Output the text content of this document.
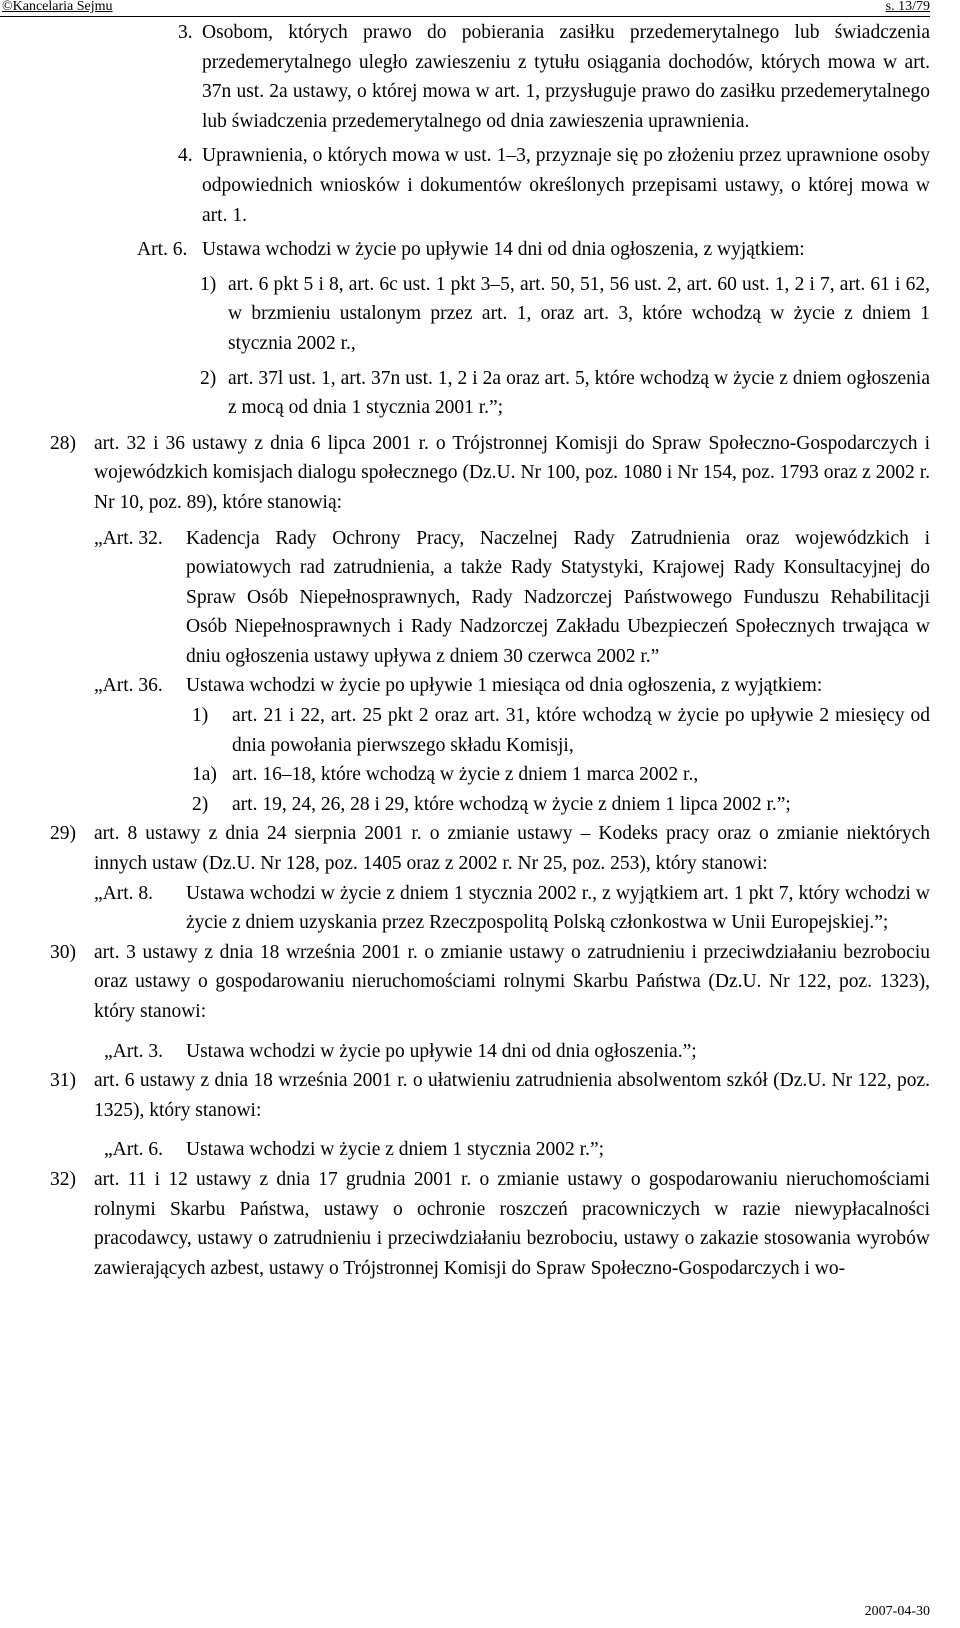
©Kancelaria Sejmu	s. 13/79
3. Osobom, których prawo do pobierania zasiłku przedemerytalnego lub świadczenia przedemerytalnego uległo zawieszeniu z tytułu osiągania dochodów, których mowa w art. 37n ust. 2a ustawy, o której mowa w art. 1, przysługuje prawo do zasiłku przedemerytalnego lub świadczenia przedemerytalnego od dnia zawieszenia uprawnienia.
4. Uprawnienia, o których mowa w ust. 1–3, przyznaje się po złożeniu przez uprawnione osoby odpowiednich wniosków i dokumentów określonych przepisami ustawy, o której mowa w art. 1.
Art. 6. Ustawa wchodzi w życie po upływie 14 dni od dnia ogłoszenia, z wyjątkiem:
1) art. 6 pkt 5 i 8, art. 6c ust. 1 pkt 3–5, art. 50, 51, 56 ust. 2, art. 60 ust. 1, 2 i 7, art. 61 i 62, w brzmieniu ustalonym przez art. 1, oraz art. 3, które wchodzą w życie z dniem 1 stycznia 2002 r.,
2) art. 37l ust. 1, art. 37n ust. 1, 2 i 2a oraz art. 5, które wchodzą w życie z dniem ogłoszenia z mocą od dnia 1 stycznia 2001 r.”;
28) art. 32 i 36 ustawy z dnia 6 lipca 2001 r. o Trójstronnej Komisji do Spraw Społeczno-Gospodarczych i wojewódzkich komisjach dialogu społecznego (Dz.U. Nr 100, poz. 1080 i Nr 154, poz. 1793 oraz z 2002 r. Nr 10, poz. 89), które stanowią:
„Art. 32. Kadencja Rady Ochrony Pracy, Naczelnej Rady Zatrudnienia oraz wojewódzkich i powiatowych rad zatrudnienia, a także Rady Statystyki, Krajowej Rady Konsultacyjnej do Spraw Osób Niepełnosprawnych, Rady Nadzorczej Państwowego Funduszu Rehabilitacji Osób Niepełnosprawnych i Rady Nadzorczej Zakładu Ubezpieczeń Społecznych trwająca w dniu ogłoszenia ustawy upływa z dniem 30 czerwca 2002 r.”
„Art. 36. Ustawa wchodzi w życie po upływie 1 miesiąca od dnia ogłoszenia, z wyjątkiem:
1) art. 21 i 22, art. 25 pkt 2 oraz art. 31, które wchodzą w życie po upływie 2 miesięcy od dnia powołania pierwszego składu Komisji,
1a) art. 16–18, które wchodzą w życie z dniem 1 marca 2002 r.,
2) art. 19, 24, 26, 28 i 29, które wchodzą w życie z dniem 1 lipca 2002 r.”;
29) art. 8 ustawy z dnia 24 sierpnia 2001 r. o zmianie ustawy – Kodeks pracy oraz o zmianie niektórych innych ustaw (Dz.U. Nr 128, poz. 1405 oraz z 2002 r. Nr 25, poz. 253), który stanowi:
„Art. 8. Ustawa wchodzi w życie z dniem 1 stycznia 2002 r., z wyjątkiem art. 1 pkt 7, który wchodzi w życie z dniem uzyskania przez Rzeczpospolitą Polską członkostwa w Unii Europejskiej.”;
30) art. 3 ustawy z dnia 18 września 2001 r. o zmianie ustawy o zatrudnieniu i przeciwdziałaniu bezrobociu oraz ustawy o gospodarowaniu nieruchomościami rolnymi Skarbu Państwa (Dz.U. Nr 122, poz. 1323), który stanowi:
„Art. 3. Ustawa wchodzi w życie po upływie 14 dni od dnia ogłoszenia.”;
31) art. 6 ustawy z dnia 18 września 2001 r. o ułatwieniu zatrudnienia absolwentom szkół (Dz.U. Nr 122, poz. 1325), który stanowi:
„Art. 6. Ustawa wchodzi w życie z dniem 1 stycznia 2002 r.”;
32) art. 11 i 12 ustawy z dnia 17 grudnia 2001 r. o zmianie ustawy o gospodarowaniu nieruchomościami rolnymi Skarbu Państwa, ustawy o ochronie roszczeń pracowniczych w razie niewypłacalności pracodawcy, ustawy o zatrudnieniu i przeciwdziałaniu bezrobociu, ustawy o zakazie stosowania wyrobów zawierających azbest, ustawy o Trójstronnej Komisji do Spraw Społeczno-Gospodarczych i wo-
2007-04-30
